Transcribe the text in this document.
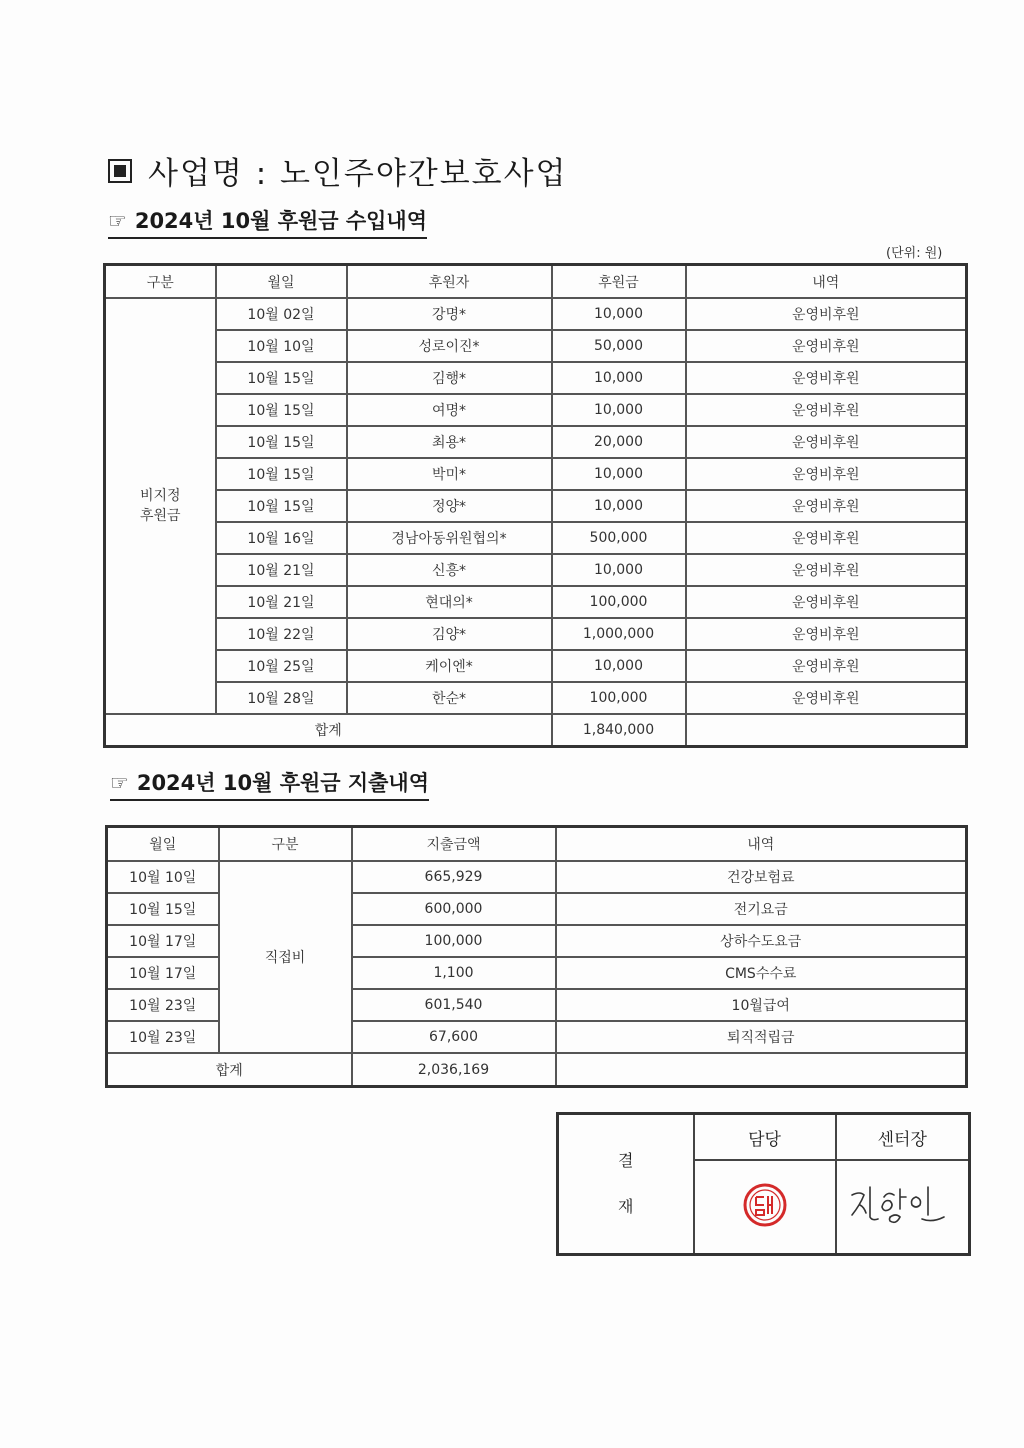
사업명 : 노인주야간보호사업
☞ 2024년 10월 후원금 수입내역
(단위: 원)
구분	월일	후원자	후원금	내역
비지정
후원금	10월 02일	강명*	10,000	운영비후원
	10월 10일	성로이진*	50,000	운영비후원
	10월 15일	김행*	10,000	운영비후원
	10월 15일	여명*	10,000	운영비후원
	10월 15일	최용*	20,000	운영비후원
	10월 15일	박미*	10,000	운영비후원
	10월 15일	정양*	10,000	운영비후원
	10월 16일	경남아동위원협의*	500,000	운영비후원
	10월 21일	신흥*	10,000	운영비후원
	10월 21일	현대의*	100,000	운영비후원
	10월 22일	김양*	1,000,000	운영비후원
	10월 25일	케이엔*	10,000	운영비후원
	10월 28일	한순*	100,000	운영비후원
합계			1,840,000	
☞ 2024년 10월 후원금 지출내역
월일	구분	지출금액	내역
10월 10일	직접비	665,929	건강보험료
10월 15일		600,000	전기요금
10월 17일		100,000	상하수도요금
10월 17일		1,100	CMS수수료
10월 23일		601,540	10월급여
10월 23일		67,600	퇴직적립금
합계		2,036,169	
결
재	담당	센터장
